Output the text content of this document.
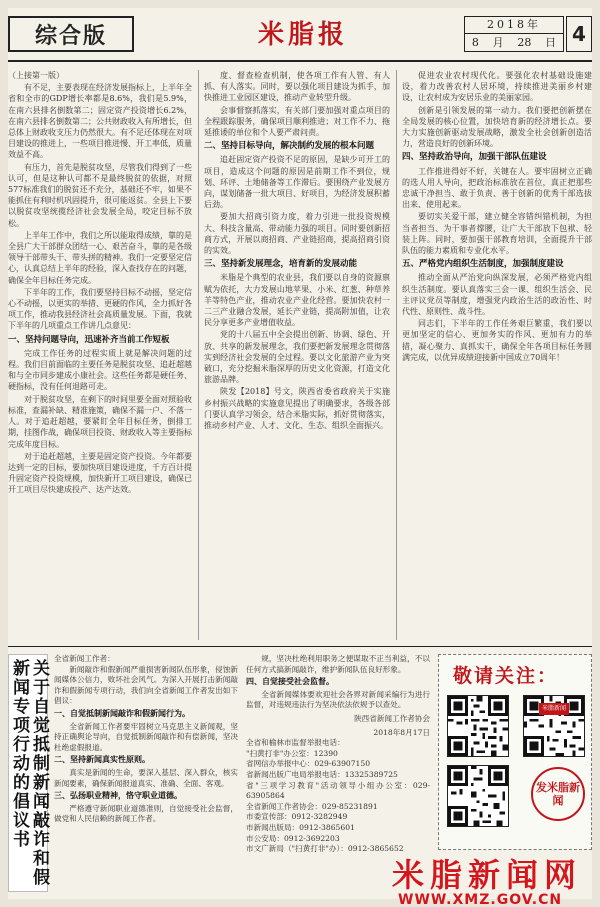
综合版	米脂报	2018年
8 月 28 日 4

（上接第一版）

有不足，主要表现在经济发展指标上，上半年全省和全市的GDP增长率都是8.6%，我们是5.9%，在南六县排名倒数第二；固定资产投资增长6.2%，在南六县排名倒数第二；公共财政收入有所增长，但总体上财政收支压力仍然很大。有不足还体现在对项目建设的推进上，一些项目推进慢、开工率低，质量效益不高。

有压力，首先是脱贫攻坚，尽管我们得到了一些认可，但是这种认可都不是最终脱贫的依据，对照577标准我们的脱贫还不充分，基础还不牢，如果不能抓住有利时机巩固提升，很可能返贫。全县上下要以脱贫攻坚统揽经济社会发展全局，咬定目标不放松。

上半年工作中，我们之所以能取得成绩，靠的是全县广大干部群众团结一心、艰苦奋斗，靠的是各级领导干部带头干、带头拼的精神。我们一定要坚定信心，认真总结上半年的经验，深入查找存在的问题，确保全年目标任务完成。

下半年的工作，我们要坚持目标不动摇，坚定信心不动摇，以更实的举措、更硬的作风，全力抓好各项工作，推动我县经济社会高质量发展。下面，我就下半年的几项重点工作讲几点意见：

一、坚持问题导向，迅速补齐当前工作短板

完成工作任务的过程实质上就是解决问题的过程。我们目前面临的主要任务是脱贫攻坚、追赶超越和与全市同步建成小康社会。这些任务都是硬任务、硬指标，没有任何退路可走。

对于脱贫攻坚，在剩下的时间里要全面对照验收标准，查漏补缺、精准施策，确保不漏一户、不落一人。对于追赶超越，要紧盯全年目标任务，倒排工期，挂图作战，确保项目投资、财政收入等主要指标完成年度目标。

对于追赶超越，主要是固定资产投资。今年都要达到一定的目标，要加快项目建设进度，千方百计提升固定资产投资规模，加快新开工项目建设，确保已开工项目尽快建成投产、达产达效。

度、督查检查机制，使各项工作有人管、有人抓、有人落实。同时，要以强化项目建设为抓手，加快推进工业园区建设，推动产业转型升级。

会事督察抓落实，有关部门要加强对重点项目的全程跟踪服务，确保项目顺利推进；对工作不力、拖延推诿的单位和个人要严肃问责。

二、坚持目标导向，解决制约发展的根本问题

追赶固定资产投资不足的原因，是缺少可开工的项目，造成这个问题的原因是前期工作不到位，规划、环评、土地储备等工作滞后。要围绕产业发展方向，谋划储备一批大项目、好项目，为经济发展积蓄后劲。

要加大招商引资力度，着力引进一批投资规模大、科技含量高、带动能力强的项目。同时要创新招商方式，开展以商招商、产业链招商，提高招商引资的实效。

三、坚持新发展理念，培育新的发展动能

米脂是个典型的农业县，我们要以自身的资源禀赋为依托，大力发展山地苹果、小米、红葱、种草养羊等特色产业，推动农业产业化经营。要加快农村一二三产业融合发展，延长产业链，提高附加值，让农民分享更多产业增值收益。

党的十八届五中全会提出创新、协调、绿色、开放、共享的新发展理念，我们要把新发展理念贯彻落实到经济社会发展的全过程。要以文化旅游产业为突破口，充分挖掘米脂深厚的历史文化资源，打造文化旅游品牌。

陕发【2018】号文，陕西省委省政府关于实施乡村振兴战略的实施意见提出了明确要求，各级各部门要认真学习领会，结合米脂实际，抓好贯彻落实，推动乡村产业、人才、文化、生态、组织全面振兴。

促进农业农村现代化。要强化农村基础设施建设，着力改善农村人居环境，持续推进美丽乡村建设，让农村成为安居乐业的美丽家园。

创新是引领发展的第一动力。我们要把创新摆在全局发展的核心位置，加快培育新的经济增长点。要大力实施创新驱动发展战略，激发全社会创新创造活力，营造良好的创新环境。

四、坚持政治导向，加强干部队伍建设

工作推进得好不好，关键在人。要牢固树立正确的选人用人导向，把政治标准放在首位，真正把那些忠诚干净担当、敢于负责、善于创新的优秀干部选拔出来、使用起来。

要切实关爱干部，建立健全容错纠错机制，为担当者担当、为干事者撑腰，让广大干部放下包袱、轻装上阵。同时，要加强干部教育培训，全面提升干部队伍的能力素质和专业化水平。

五、严格党内组织生活制度，加强制度建设

推动全面从严治党向纵深发展，必须严格党内组织生活制度。要认真落实三会一课、组织生活会、民主评议党员等制度，增强党内政治生活的政治性、时代性、原则性、战斗性。

同志们，下半年的工作任务艰巨繁重，我们要以更加坚定的信心、更加务实的作风、更加有力的举措，凝心聚力、真抓实干，确保全年各项目标任务圆满完成，以优异成绩迎接新中国成立70周年！

关于自觉抵制新闻敲诈和假新闻专项行动的倡议书

全省新闻工作者：

新闻敲诈和假新闻严重损害新闻队伍形象，侵蚀新闻媒体公信力，败坏社会风气。为深入开展打击新闻敲诈和假新闻专项行动，我们向全省新闻工作者发出如下倡议：

一、自觉抵制新闻敲诈和假新闻行为。

全省新闻工作者要牢固树立马克思主义新闻观，坚持正确舆论导向，自觉抵制新闻敲诈和有偿新闻，坚决杜绝虚假报道。

二、坚持新闻真实性原则。

真实是新闻的生命，要深入基层、深入群众，核实新闻要素，确保新闻报道真实、准确、全面、客观。

三、弘扬职业精神，恪守职业道德。

严格遵守新闻职业道德准则，自觉接受社会监督，做党和人民信赖的新闻工作者。

规，坚决杜绝利用职务之便谋取不正当利益，不以任何方式搞新闻敲诈，维护新闻队伍良好形象。

四、自觉接受社会监督。

全省新闻媒体要欢迎社会各界对新闻采编行为进行监督，对违规违法行为坚决依法依规予以查处。

陕西省新闻工作者协会

2018年8月17日

全省和榆林市监督举报电话：

"扫黄打非"办公室：12390

省网信办举报中心：029-63907150

省新闻出版广电局举报电话：13325389725

省"三项学习教育"活动领导小组办公室：029-63905864

全省新闻工作者协会：029-85231891

市委宣传部：0912-3282949

市新闻出版局：0912-3865601

市公安局：0912-3692203

市文广新局（"扫黄打非"办）：0912-3865652

敬请关注：
米脂新闻
发米脂新闻
米脂新闻网
WWW.XMZ.GOV.CN
